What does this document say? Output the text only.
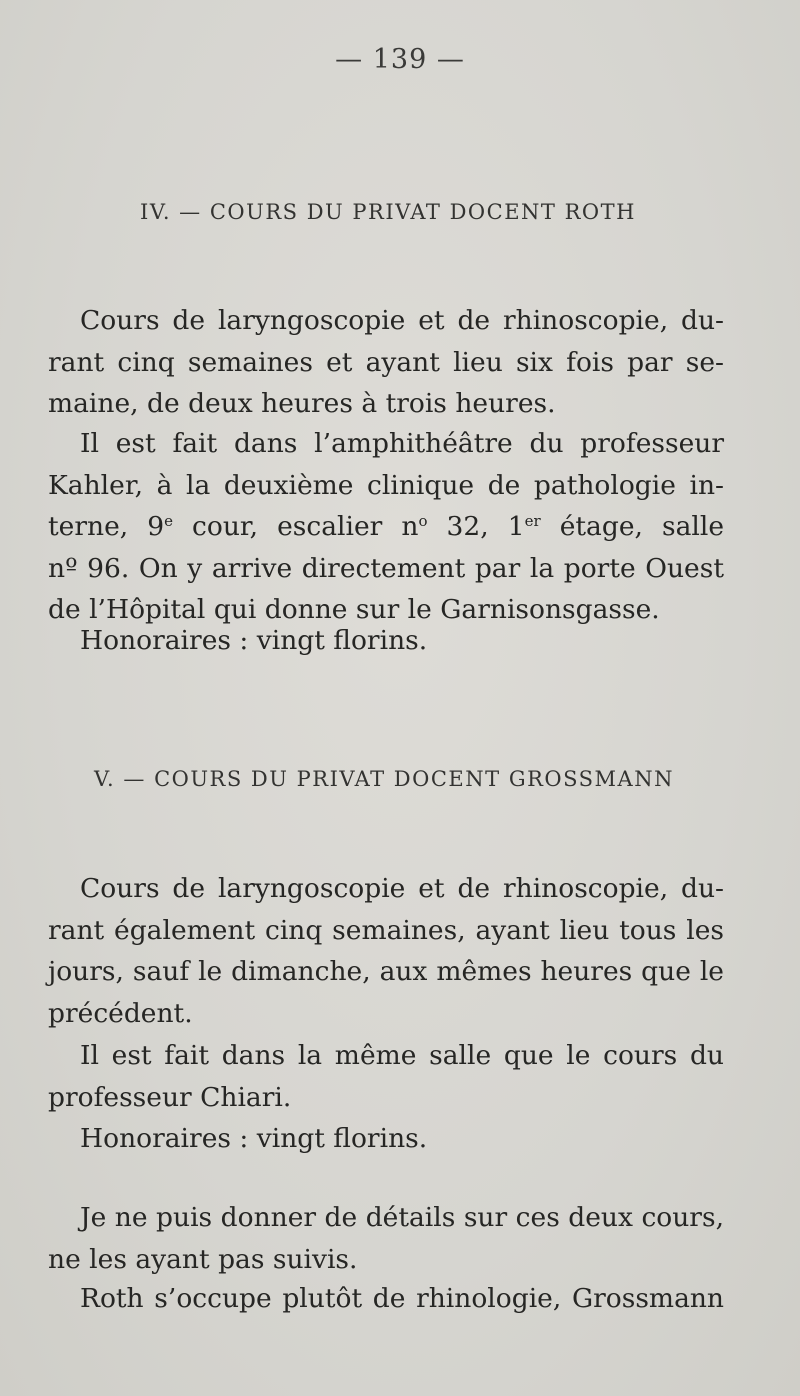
— 139 —
IV. — COURS DU PRIVAT DOCENT ROTH
Cours de laryngoscopie et de rhinoscopie, du-
rant cinq semaines et ayant lieu six fois par se-
maine, de deux heures à trois heures.
Il est fait dans l’amphithéâtre du professeur
Kahler, à la deuxième clinique de pathologie in-
terne, 9e cour, escalier $n^o$ 32, 1er étage, salle
nº 96. On y arrive directement par la porte Ouest
de l’Hôpital qui donne sur le Garnisonsgasse.
Honoraires : vingt florins.
V. — COURS DU PRIVAT DOCENT GROSSMANN
Cours de laryngoscopie et de rhinoscopie, du-
rant également cinq semaines, ayant lieu tous les
jours, sauf le dimanche, aux mêmes heures que le
précédent.
Il est fait dans la même salle que le cours du
professeur Chiari.
Honoraires : vingt florins.
Je ne puis donner de détails sur ces deux cours,
ne les ayant pas suivis.
Roth s’occupe plutôt de rhinologie, Grossmann
